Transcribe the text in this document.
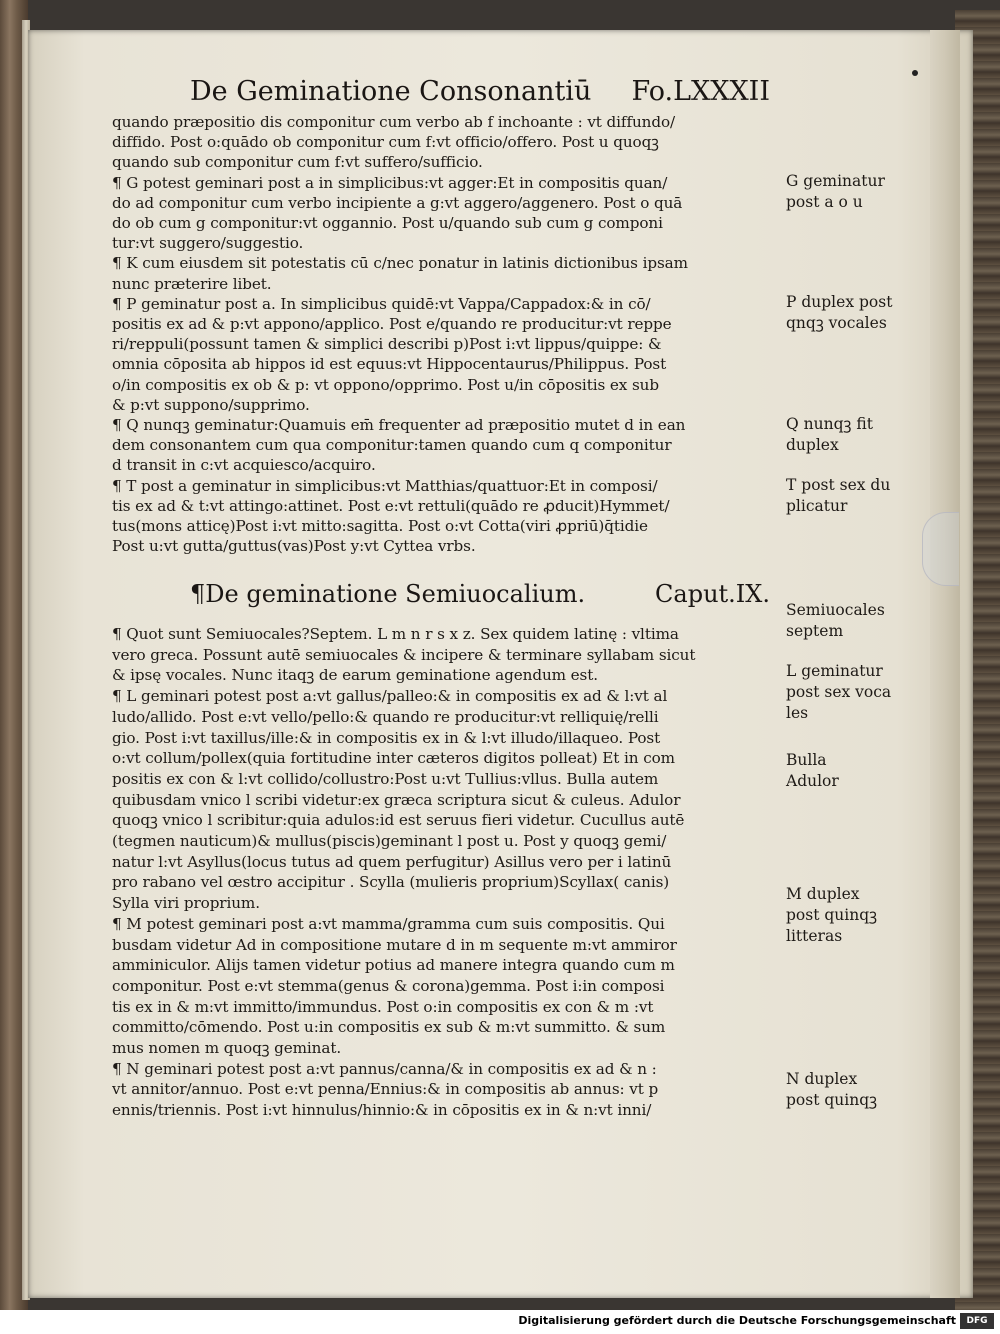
De Geminatione Consonantiū Fo.LXXXII
quando præpositio dis componitur cum verbo ab f inchoante : vt diffundo/
diffido. Post o:quādo ob componitur cum f:vt officio/offero. Post u quoqꝫ
quando sub componitur cum f:vt suffero/sufficio.
¶ G potest geminari post a in simplicibus:vt agger:Et in compositis quan/
do ad componitur cum verbo incipiente a g:vt aggero/aggenero. Post o quā
do ob cum g componitur:vt oggannio. Post u/quando sub cum g componi
tur:vt suggero/suggestio.
¶ K cum eiusdem sit potestatis cū c/nec ponatur in latinis dictionibus ipsam
nunc præterire libet.
¶ P geminatur post a. In simplicibus quidē:vt Vappa/Cappadox:& in cō/
positis ex ad & p:vt appono/applico. Post e/quando re producitur:vt reppe
ri/reppuli(possunt tamen & simplici describi p)Post i:vt lippus/quippe: &
omnia cōposita ab hippos id est equus:vt Hippocentaurus/Philippus. Post
o/in compositis ex ob & p: vt oppono/opprimo. Post u/in cōpositis ex sub
& p:vt suppono/supprimo.
¶ Q nunqꝫ geminatur:Quamuis em̄ frequenter ad præpositio mutet d in ean
dem consonantem cum qua componitur:tamen quando cum q componitur
d transit in c:vt acquiesco/acquiro.
¶ T post a geminatur in simplicibus:vt Matthias/quattuor:Et in composi/
tis ex ad & t:vt attingo:attinet. Post e:vt rettuli(quādo re ꝓducit)Hymmet/
tus(mons atticę)Post i:vt mitto:sagitta. Post o:vt Cotta(viri ꝓpriū)q̄tidie
Post u:vt gutta/guttus(vas)Post y:vt Cyttea vrbs.
¶De geminatione Semiuocalium.	Caput.IX.
¶ Quot sunt Semiuocales?Septem. L m n r s x z. Sex quidem latinę : vltima
vero greca. Possunt autē semiuocales & incipere & terminare syllabam sicut
& ipsę vocales. Nunc itaqꝫ de earum geminatione agendum est.
¶ L geminari potest post a:vt gallus/palleo:& in compositis ex ad & l:vt al
ludo/allido. Post e:vt vello/pello:& quando re producitur:vt relliquię/relli
gio. Post i:vt taxillus/ille:& in compositis ex in & l:vt illudo/illaqueo. Post
o:vt collum/pollex(quia fortitudine inter cæteros digitos polleat) Et in com
positis ex con & l:vt collido/collustro:Post u:vt Tullius:vllus. Bulla autem
quibusdam vnico l scribi videtur:ex græca scriptura sicut & culeus. Adulor
quoqꝫ vnico l scribitur:quia adulos:id est seruus fieri videtur. Cucullus autē
(tegmen nauticum)& mullus(piscis)geminant l post u. Post y quoqꝫ gemi/
natur l:vt Asyllus(locus tutus ad quem perfugitur) Asillus vero per i latinū
pro rabano vel œstro accipitur . Scylla (mulieris proprium)Scyllax( canis)
Sylla viri proprium.
¶ M potest geminari post a:vt mamma/gramma cum suis compositis. Qui
busdam videtur Ad in compositione mutare d in m sequente m:vt ammiror
amminiculor. Alijs tamen videtur potius ad manere integra quando cum m
componitur. Post e:vt stemma(genus & corona)gemma. Post i:in composi
tis ex in & m:vt immitto/immundus. Post o:in compositis ex con & m :vt
committo/cōmendo. Post u:in compositis ex sub & m:vt summitto. & sum
mus nomen m quoqꝫ geminat.
¶ N geminari potest post a:vt pannus/canna/& in compositis ex ad & n :
vt annitor/annuo. Post e:vt penna/Ennius:& in compositis ab annus: vt p
ennis/triennis. Post i:vt hinnulus/hinnio:& in cōpositis ex in & n:vt inni/
G geminatur
post a o u
P duplex post
qnqꝫ vocales
Q nunqꝫ fit
duplex
T post sex du
plicatur
Semiuocales
septem
L geminatur
post sex voca
les
Bulla
Adulor
M duplex
post quinqꝫ
litteras
N duplex
post quinqꝫ
Digitalisierung gefördert durch die Deutsche Forschungsgemeinschaft	DFG
